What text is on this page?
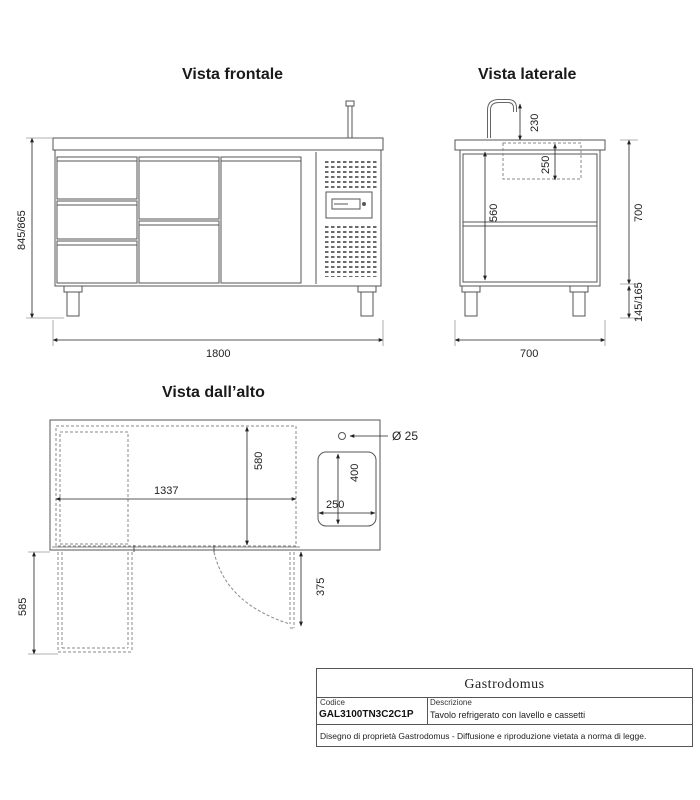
Vista frontale	Vista laterale
Vista dall’alto
845/865
1800
230
250
560	700
145/165
700
Ø 25
400
250
1337
580
375
585
Gastrodomus
Codice
GAL3100TN3C2C1P
Descrizione
Tavolo refrigerato con lavello e cassetti
Disegno di proprietà Gastrodomus - Diffusione e riproduzione vietata a norma di legge.
